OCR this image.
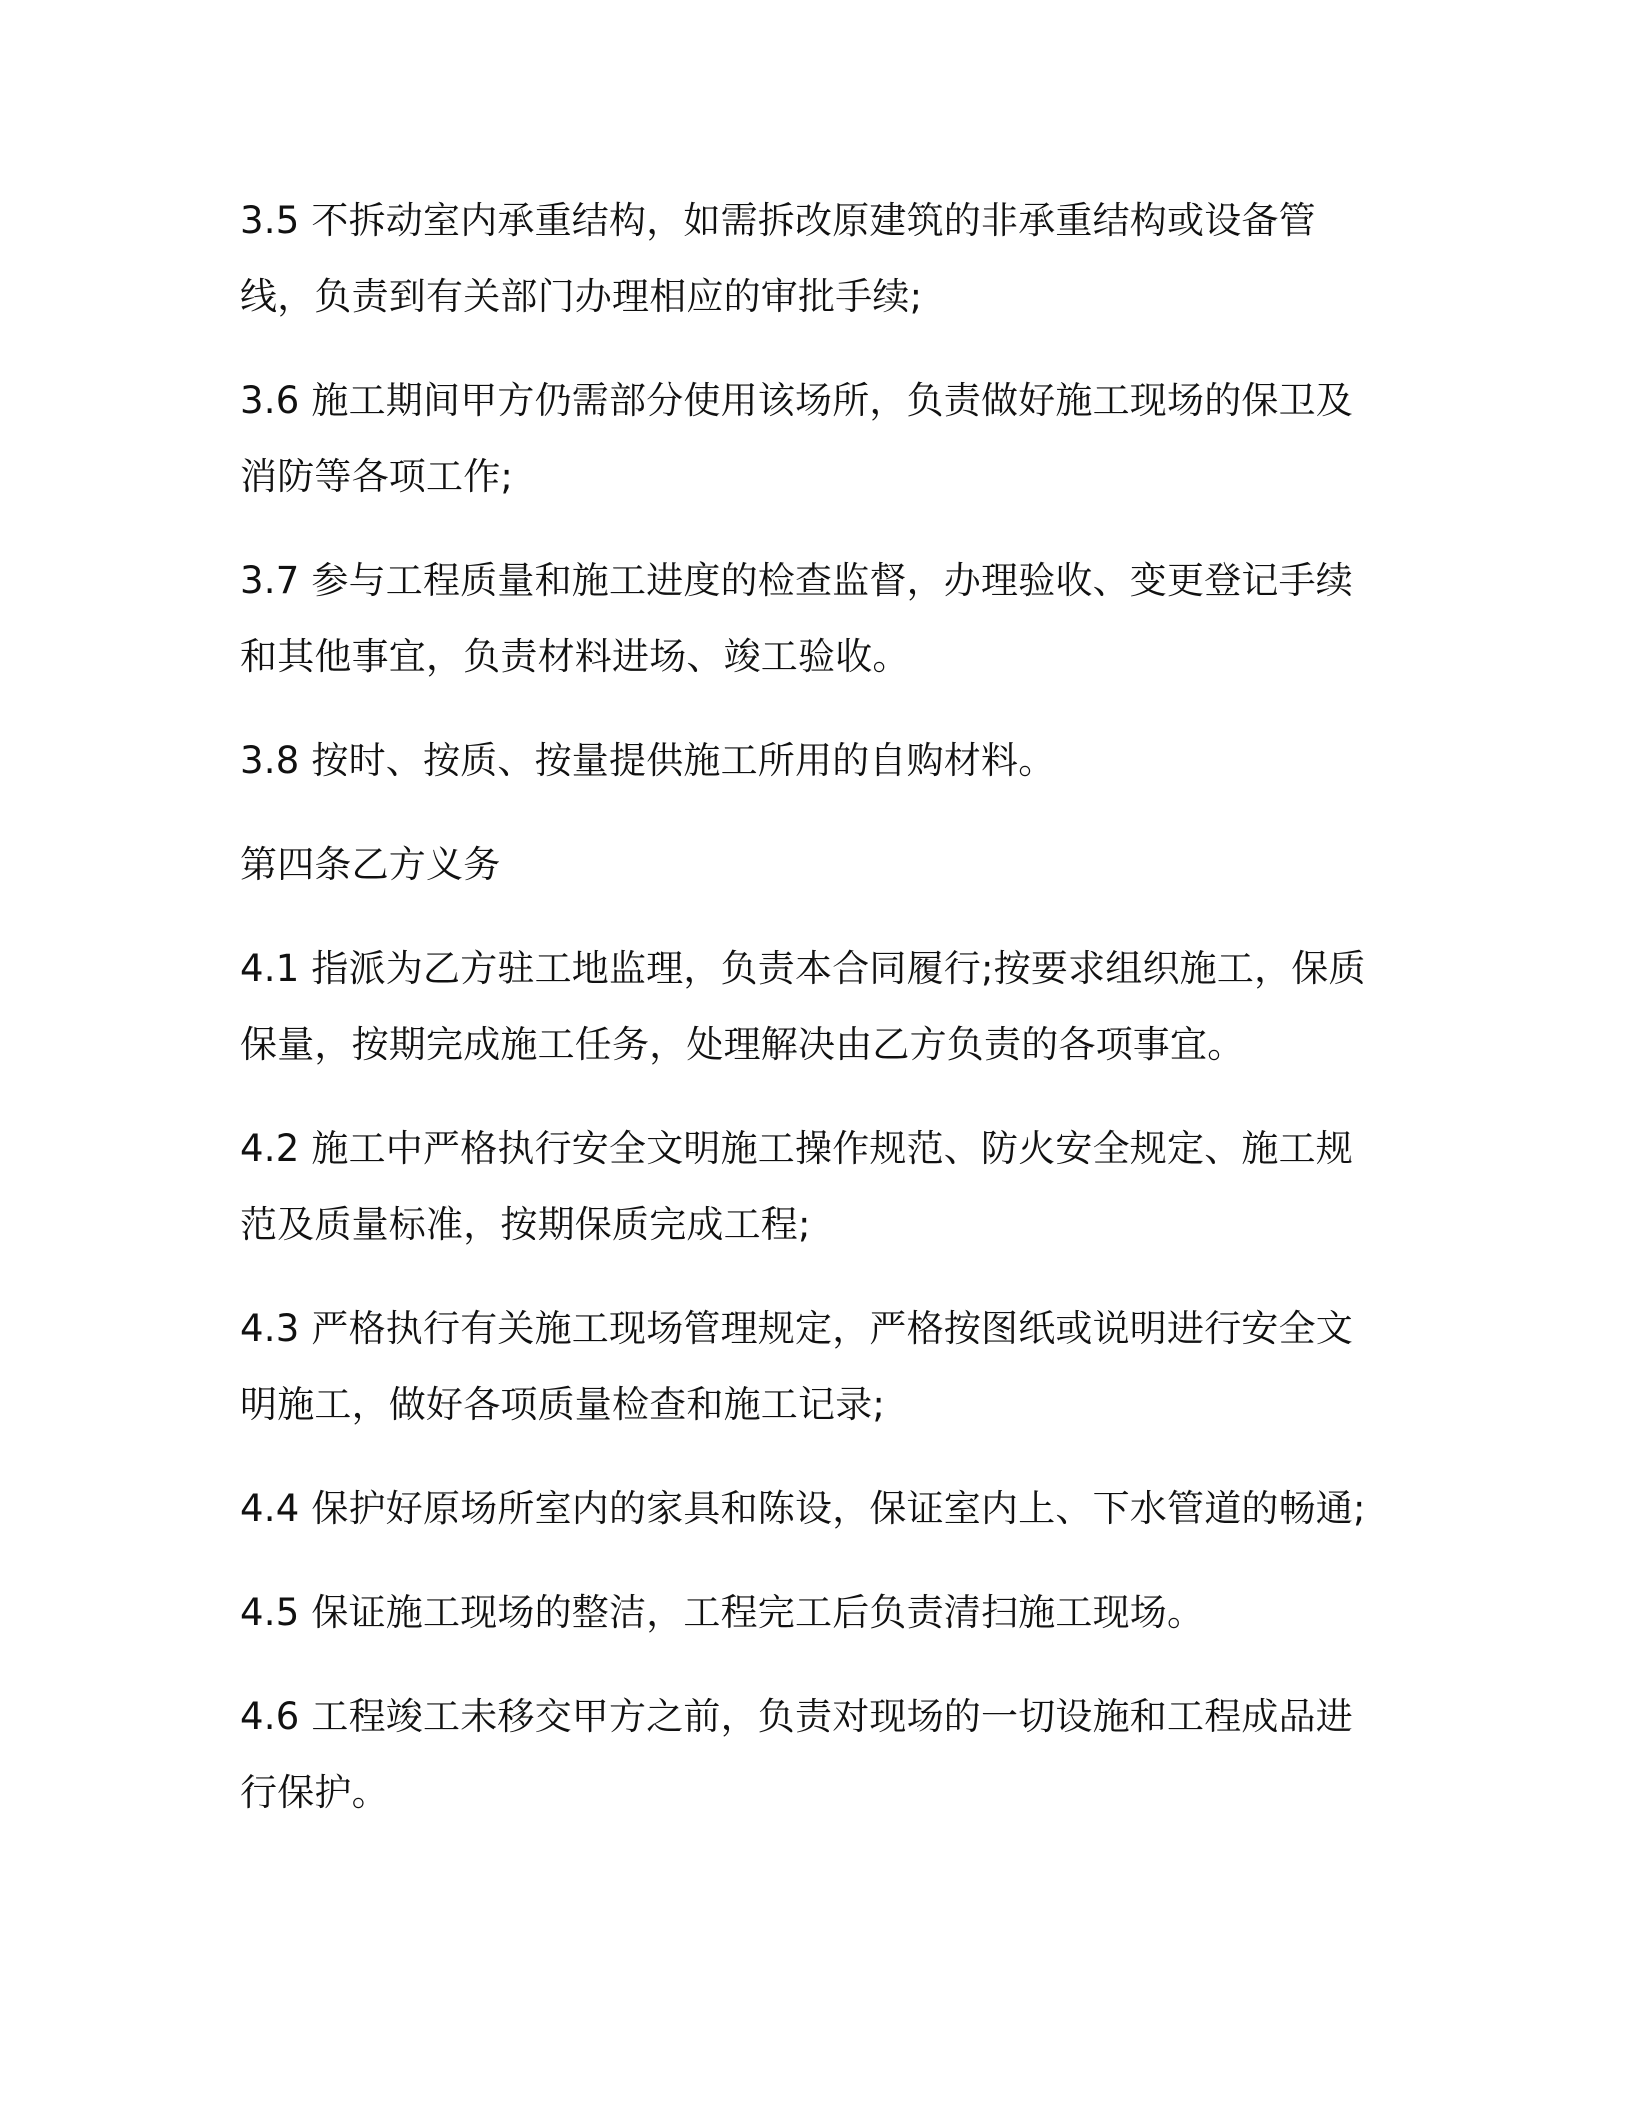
3.5 不拆动室内承重结构，如需拆改原建筑的非承重结构或设备管线，负责到有关部门办理相应的审批手续;

3.6 施工期间甲方仍需部分使用该场所，负责做好施工现场的保卫及消防等各项工作;

3.7 参与工程质量和施工进度的检查监督，办理验收、变更登记手续和其他事宜，负责材料进场、竣工验收。

3.8 按时、按质、按量提供施工所用的自购材料。

第四条乙方义务

4.1 指派为乙方驻工地监理，负责本合同履行;按要求组织施工，保质保量，按期完成施工任务，处理解决由乙方负责的各项事宜。

4.2 施工中严格执行安全文明施工操作规范、防火安全规定、施工规范及质量标准，按期保质完成工程;

4.3 严格执行有关施工现场管理规定，严格按图纸或说明进行安全文明施工，做好各项质量检查和施工记录;

4.4 保护好原场所室内的家具和陈设，保证室内上、下水管道的畅通;

4.5 保证施工现场的整洁，工程完工后负责清扫施工现场。

4.6 工程竣工未移交甲方之前，负责对现场的一切设施和工程成品进行保护。
